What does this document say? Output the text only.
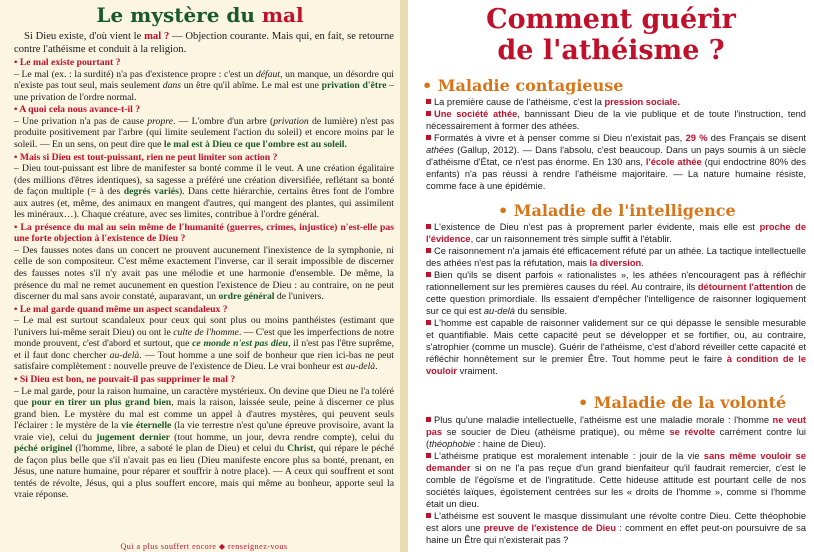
Le mystère du mal

Si Dieu existe, d'où vient le mal ? — Objection courante. Mais qui, en fait, se retourne contre l'athéisme et conduit à la religion.

• Le mal existe pourtant ?

– Le mal (ex. : la surdité) n'a pas d'existence propre : c'est un défaut, un manque, un désordre qui n'existe pas tout seul, mais seulement dans un être qu'il abîme. Le mal est une privation d'être – une privation de l'ordre normal.

• A quoi cela nous avance-t-il ?

– Une privation n'a pas de cause propre. — L'ombre d'un arbre (privation de lumière) n'est pas produite positivement par l'arbre (qui limite seulement l'action du soleil) et encore moins par le soleil. — En un sens, on peut dire que le mal est à Dieu ce que l'ombre est au soleil.

• Mais si Dieu est tout-puissant, rien ne peut limiter son action ?

– Dieu tout-puissant est libre de manifester sa bonté comme il le veut. A une création égalitaire (des millions d'êtres identiques), sa sagesse a préféré une création diversifiée, reflétant sa bonté de façon multiple (= à des degrés variés). Dans cette hiérarchie, certains êtres font de l'ombre aux autres (et, même, des animaux en mangent d'autres, qui mangent des plantes, qui assimilent les minéraux…). Chaque créature, avec ses limites, contribue à l'ordre général.

• La présence du mal au sein même de l'humanité (guerres, crimes, injustice) n'est-elle pas une forte objection à l'existence de Dieu ?

– Des fausses notes dans un concert ne prouvent aucunement l'inexistence de la symphonie, ni celle de son compositeur. C'est même exactement l'inverse, car il serait impossible de discerner des fausses notes s'il n'y avait pas une mélodie et une harmonie d'ensemble. De même, la présence du mal ne remet aucunement en question l'existence de Dieu : au contraire, on ne peut discerner du mal sans avoir constaté, auparavant, un ordre général de l'univers.

• Le mal garde quand même un aspect scandaleux ?

– Le mal est surtout scandaleux pour ceux qui sont plus ou moins panthéistes (estimant que l'univers lui-même serait Dieu) ou ont le culte de l'homme. — C'est que les imperfections de notre monde prouvent, c'est d'abord et surtout, que ce monde n'est pas dieu, il n'est pas l'être suprême, et il faut donc chercher au-delà. — Tout homme a une soif de bonheur que rien ici-bas ne peut satisfaire complètement : nouvelle preuve de l'existence de Dieu. Le vrai bonheur est au-delà.

• Si Dieu est bon, ne pouvait-il pas supprimer le mal ?

– Le mal garde, pour la raison humaine, un caractère mystérieux. On devine que Dieu ne l'a toléré que pour en tirer un plus grand bien, mais la raison, laissée seule, peine à discerner ce plus grand bien. Le mystère du mal est comme un appel à d'autres mystères, qui peuvent seuls l'éclairer : le mystère de la vie éternelle (la vie terrestre n'est qu'une épreuve provisoire, avant la vraie vie), celui du jugement dernier (tout homme, un jour, devra rendre compte), celui du péché originel (l'homme, libre, a saboté le plan de Dieu) et celui du Christ, qui répare le péché de façon plus belle que s'il n'avait pas eu lieu (Dieu manifeste encore plus sa bonté, prenant, en Jésus, une nature humaine, pour réparer et souffrir à notre place). — A ceux qui souffrent et sont tentés de révolte, Jésus, qui a plus souffert encore, mais qui même au bonheur, apporte seul la vraie réponse.

Qui a plus souffert encore ◆ renseignez-vous
Comment guérir
de l'athéisme ?
• Maladie contagieuse

La première cause de l'athéisme, c'est la pression sociale.

Une société athée, bannissant Dieu de la vie publique et de toute l'instruction, tend nécessairement à former des athées.

Formatés à vivre et à penser comme si Dieu n'existait pas, 29 % des Français se disent athées (Gallup, 2012). — Dans l'absolu, c'est beaucoup. Dans un pays soumis à un siècle d'athéisme d'État, ce n'est pas énorme. En 130 ans, l'école athée (qui endoctrine 80% des enfants) n'a pas réussi à rendre l'athéisme majoritaire. — La nature humaine résiste, comme face à une épidémie.

• Maladie de l'intelligence

L'existence de Dieu n'est pas à proprement parler évidente, mais elle est proche de l'évidence, car un raisonnement très simple suffit à l'établir.

Ce raisonnement n'a jamais été efficacement réfuté par un athée. La tactique intellectuelle des athées n'est pas la réfutation, mais la diversion.

Bien qu'ils se disent parfois « rationalistes », les athées n'encouragent pas à réfléchir rationnellement sur les premières causes du réel. Au contraire, ils détournent l'attention de cette question primordiale. Ils essaient d'empêcher l'intelligence de raisonner logiquement sur ce qui est au-delà du sensible.

L'homme est capable de raisonner validement sur ce qui dépasse le sensible mesurable et quantifiable. Mais cette capacité peut se développer et se fortifier, ou, au contraire, s'atrophier (comme un muscle). Guérir de l'athéisme, c'est d'abord réveiller cette capacité et réfléchir honnêtement sur le premier Être. Tout homme peut le faire à condition de le vouloir vraiment.

• Maladie de la volonté

Plus qu'une maladie intellectuelle, l'athéisme est une maladie morale : l'homme ne veut pas se soucier de Dieu (athéisme pratique), ou même se révolte carrément contre lui (théophobie : haine de Dieu).

L'athéisme pratique est moralement intenable : jouir de la vie sans même vouloir se demander si on ne l'a pas reçue d'un grand bienfaiteur qu'il faudrait remercier, c'est le comble de l'égoïsme et de l'ingratitude. Cette hideuse attitude est pourtant celle de nos sociétés laïques, égoïstement centrées sur les « droits de l'homme », comme si l'homme était un dieu.

L'athéisme est souvent le masque dissimulant une révolte contre Dieu. Cette théophobie est alors une preuve de l'existence de Dieu : comment en effet peut-on poursuivre de sa haine un Être qui n'existerait pas ?
